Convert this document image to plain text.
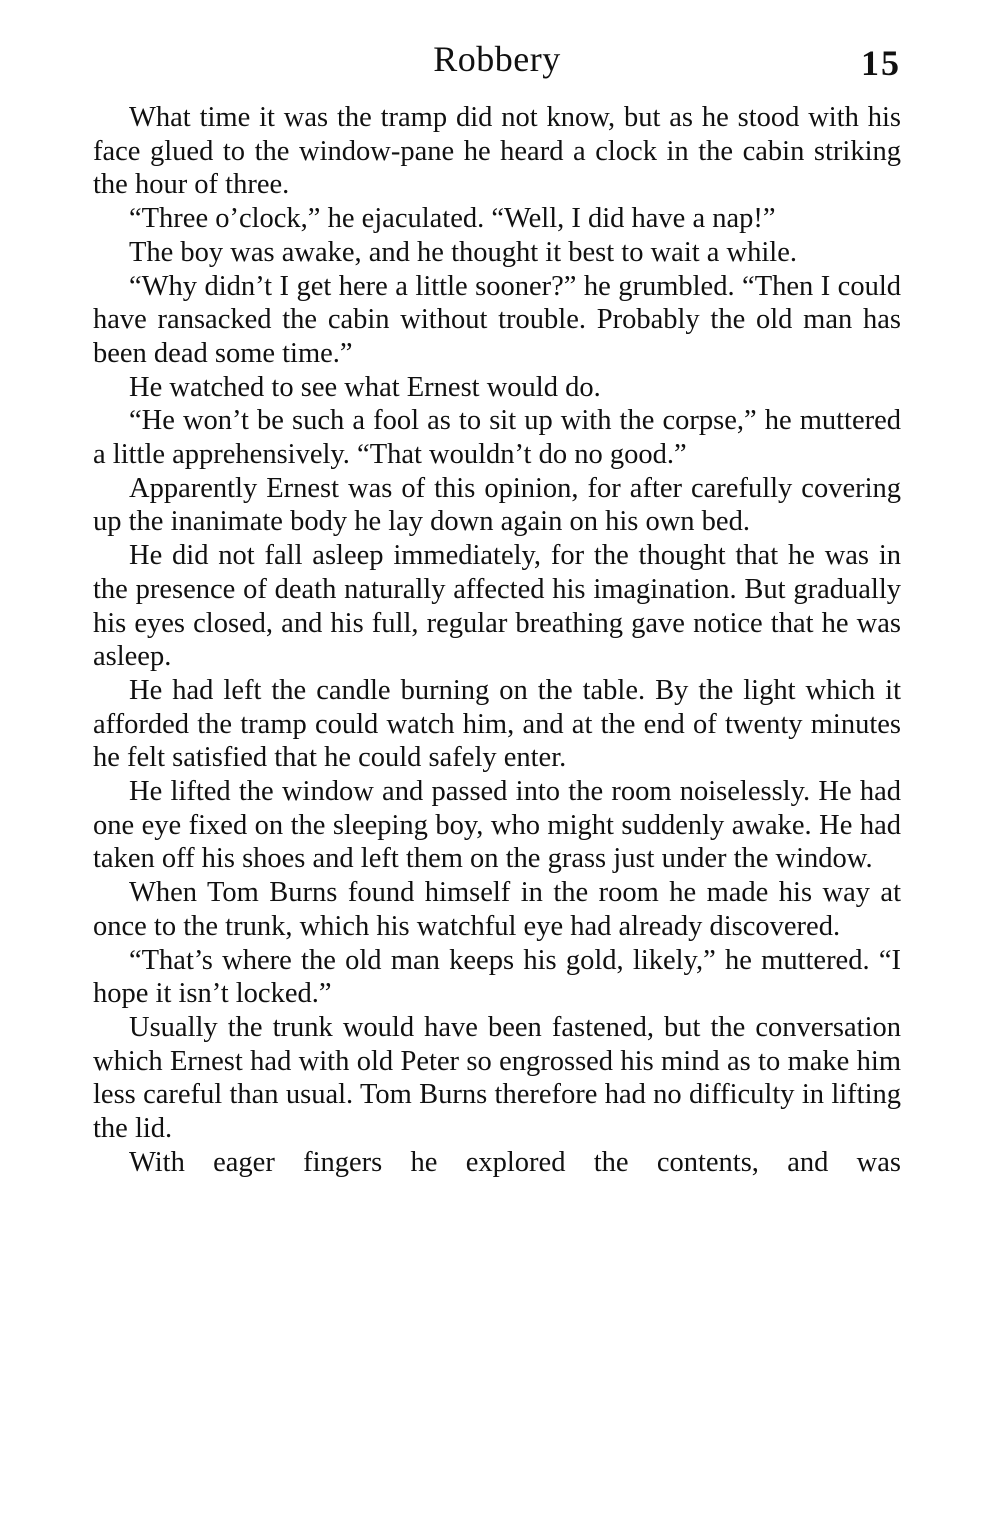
Robbery	15

What time it was the tramp did not know, but as he stood with his face glued to the window-pane he heard a clock in the cabin striking the hour of three.

“Three o’clock,” he ejaculated. “Well, I did have a nap!”

The boy was awake, and he thought it best to wait a while.

“Why didn’t I get here a little sooner?” he grumbled. “Then I could have ransacked the cabin without trouble. Probably the old man has been dead some time.”

He watched to see what Ernest would do.

“He won’t be such a fool as to sit up with the corpse,” he muttered a little apprehensively. “That wouldn’t do no good.”

Apparently Ernest was of this opinion, for after carefully covering up the inanimate body he lay down again on his own bed.

He did not fall asleep immediately, for the thought that he was in the presence of death naturally affected his imagination. But gradually his eyes closed, and his full, regular breathing gave notice that he was asleep.

He had left the candle burning on the table. By the light which it afforded the tramp could watch him, and at the end of twenty minutes he felt satisfied that he could safely enter.

He lifted the window and passed into the room noiselessly. He had one eye fixed on the sleeping boy, who might suddenly awake. He had taken off his shoes and left them on the grass just under the window.

When Tom Burns found himself in the room he made his way at once to the trunk, which his watchful eye had already discovered.

“That’s where the old man keeps his gold, likely,” he muttered. “I hope it isn’t locked.”

Usually the trunk would have been fastened, but the conversation which Ernest had with old Peter so engrossed his mind as to make him less careful than usual. Tom Burns therefore had no difficulty in lifting the lid.

With eager fingers he explored the contents, and was
